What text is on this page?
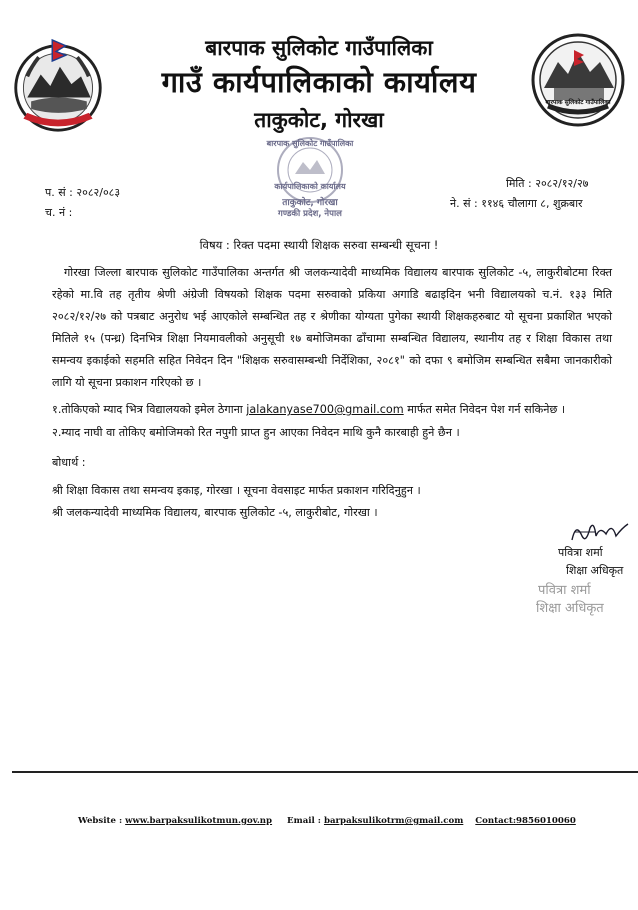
बारपाक सुलिकोट गाउँपालिका
बारपाक सुलिकोट गाउँपालिका
गाउँ कार्यपालिकाको कार्यालय
ताकुकोट, गोरखा
बारपाक सुलिकोट गाउँपालिका
कार्यपालिकाको कार्यालय
ताकुकोट, गोरखा
गण्डकी प्रदेश, नेपाल
प. सं : २०८२/०८३
च. नं :
मिति : २०८२/१२/२७
ने. सं : ११४६ चौलागा ८, शुक्रबार
विषय : रिक्त पदमा स्थायी शिक्षक सरुवा सम्बन्धी सूचना !
गोरखा जिल्ला बारपाक सुलिकोट गाउँपालिका अन्तर्गत श्री जलकन्यादेवी माध्यमिक विद्यालय बारपाक सुलिकोट -५, लाकुरीबोटमा रिक्त रहेको मा.वि तह तृतीय श्रेणी अंग्रेजी विषयको शिक्षक पदमा सरुवाको प्रकिया अगाडि बढाइदिन भनी विद्यालयको च.नं. १३३ मिति २०८२/१२/२७ को पत्रबाट अनुरोध भई आएकोले सम्बन्धित तह र श्रेणीका योग्यता पुगेका स्थायी शिक्षकहरुबाट यो सूचना प्रकाशित भएको मितिले १५ (पन्ध्र) दिनभित्र शिक्षा नियमावलीको अनुसूची १७ बमोजिमका ढाँचामा सम्बन्धित विद्यालय, स्थानीय तह र शिक्षा विकास तथा समन्वय इकाईको सहमति सहित निवेदन दिन "शिक्षक सरुवासम्बन्धी निर्देशिका, २०८१" को दफा ९ बमोजिम सम्बन्धित सबैमा जानकारीको लागि यो सूचना प्रकाशन गरिएको छ ।
१.तोकिएको म्याद भित्र विद्यालयको इमेल ठेगाना jalakanyase700@gmail.com मार्फत समेत निवेदन पेश गर्न सकिनेछ ।
२.म्याद नाघी वा तोकिए बमोजिमको रित नपुगी प्राप्त हुन आएका निवेदन माथि कुनै कारबाही हुने छैन ।
बोधार्थ :
श्री शिक्षा विकास तथा समन्वय इकाइ, गोरखा । सूचना वेवसाइट मार्फत प्रकाशन गरिदिनुहुन ।
श्री जलकन्यादेवी माध्यमिक विद्यालय, बारपाक सुलिकोट -५, लाकुरीबोट, गोरखा ।
पवित्रा शर्मा
शिक्षा अधिकृत
पवित्रा शर्मा
शिक्षा अधिकृत
Website : www.barpaksulikotmun.gov.np Email : barpaksulikotrm@gmail.com Contact:9856010060
